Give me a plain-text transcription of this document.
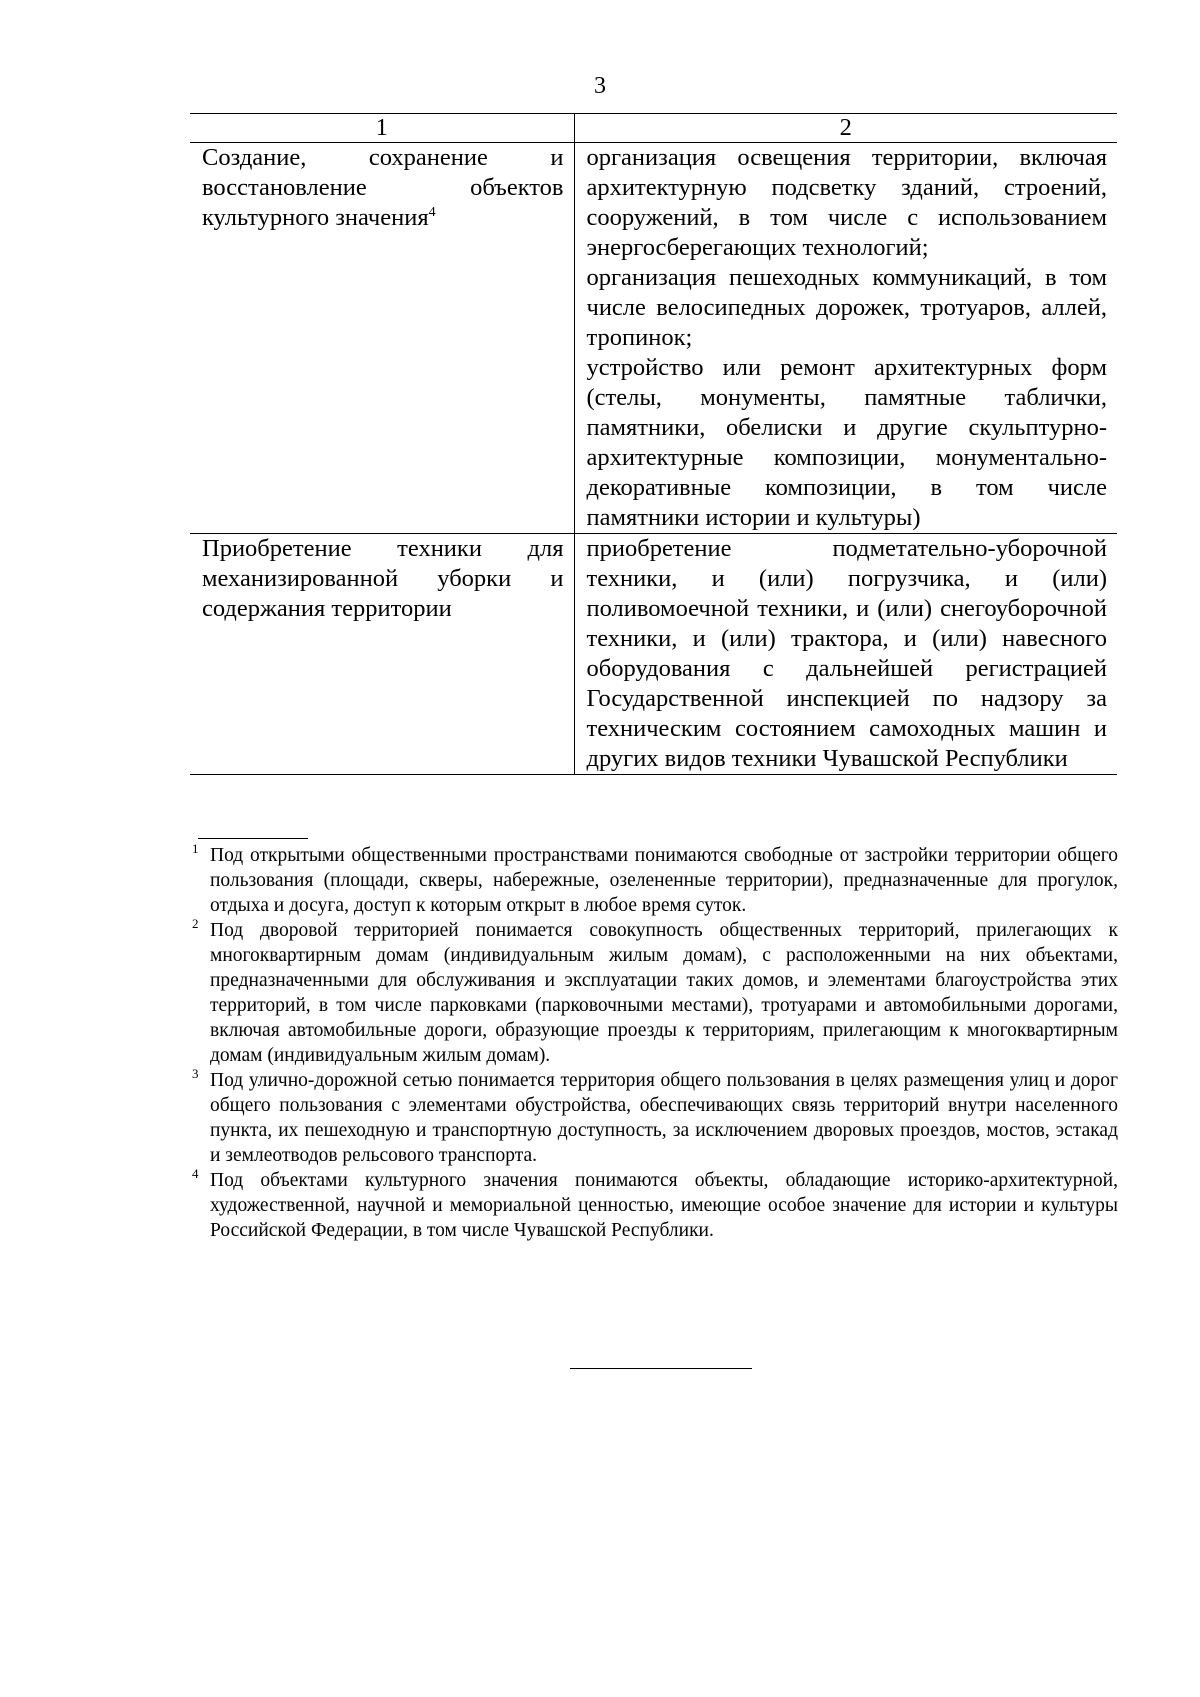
3
1	2

Создание, сохранение и восстановление объектов культурного значения$^4$	организация освещения территории, включая архитектурную подсветку зданий, строений, сооружений, в том числе с использованием энергосберегающих технологий;
организация пешеходных коммуникаций, в том числе велосипедных дорожек, тротуаров, аллей, тропинок;
устройство или ремонт архитектурных форм (стелы, монументы, памятные таблички, памятники, обелиски и другие скульптурно-архитектурные композиции, монументально-декоративные композиции, в том числе памятники истории и культуры)

Приобретение техники для механизированной уборки и содержания территории	приобретение подметательно-уборочной техники, и (или) погрузчика, и (или) поливомоечной техники, и (или) снегоуборочной техники, и (или) трактора, и (или) навесного оборудования с дальнейшей регистрацией Государственной инспекцией по надзору за техническим состоянием самоходных машин и других видов техники Чувашской Республики

1 Под открытыми общественными пространствами понимаются свободные от застройки территории общего пользования (площади, скверы, набережные, озелененные территории), предназначенные для прогулок, отдыха и досуга, доступ к которым открыт в любое время суток.

2 Под дворовой территорией понимается совокупность общественных территорий, прилегающих к многоквартирным домам (индивидуальным жилым домам), с расположенными на них объектами, предназначенными для обслуживания и эксплуатации таких домов, и элементами благоустройства этих территорий, в том числе парковками (парковочными местами), тротуарами и автомобильными дорогами, включая автомобильные дороги, образующие проезды к территориям, прилегающим к многоквартирным домам (индивидуальным жилым домам).

3 Под улично-дорожной сетью понимается территория общего пользования в целях размещения улиц и дорог общего пользования с элементами обустройства, обеспечивающих связь территорий внутри населенного пункта, их пешеходную и транспортную доступность, за исключением дворовых проездов, мостов, эстакад и землеотводов рельсового транспорта.

4 Под объектами культурного значения понимаются объекты, обладающие историко-архитектурной, художественной, научной и мемориальной ценностью, имеющие особое значение для истории и культуры Российской Федерации, в том числе Чувашской Республики.
